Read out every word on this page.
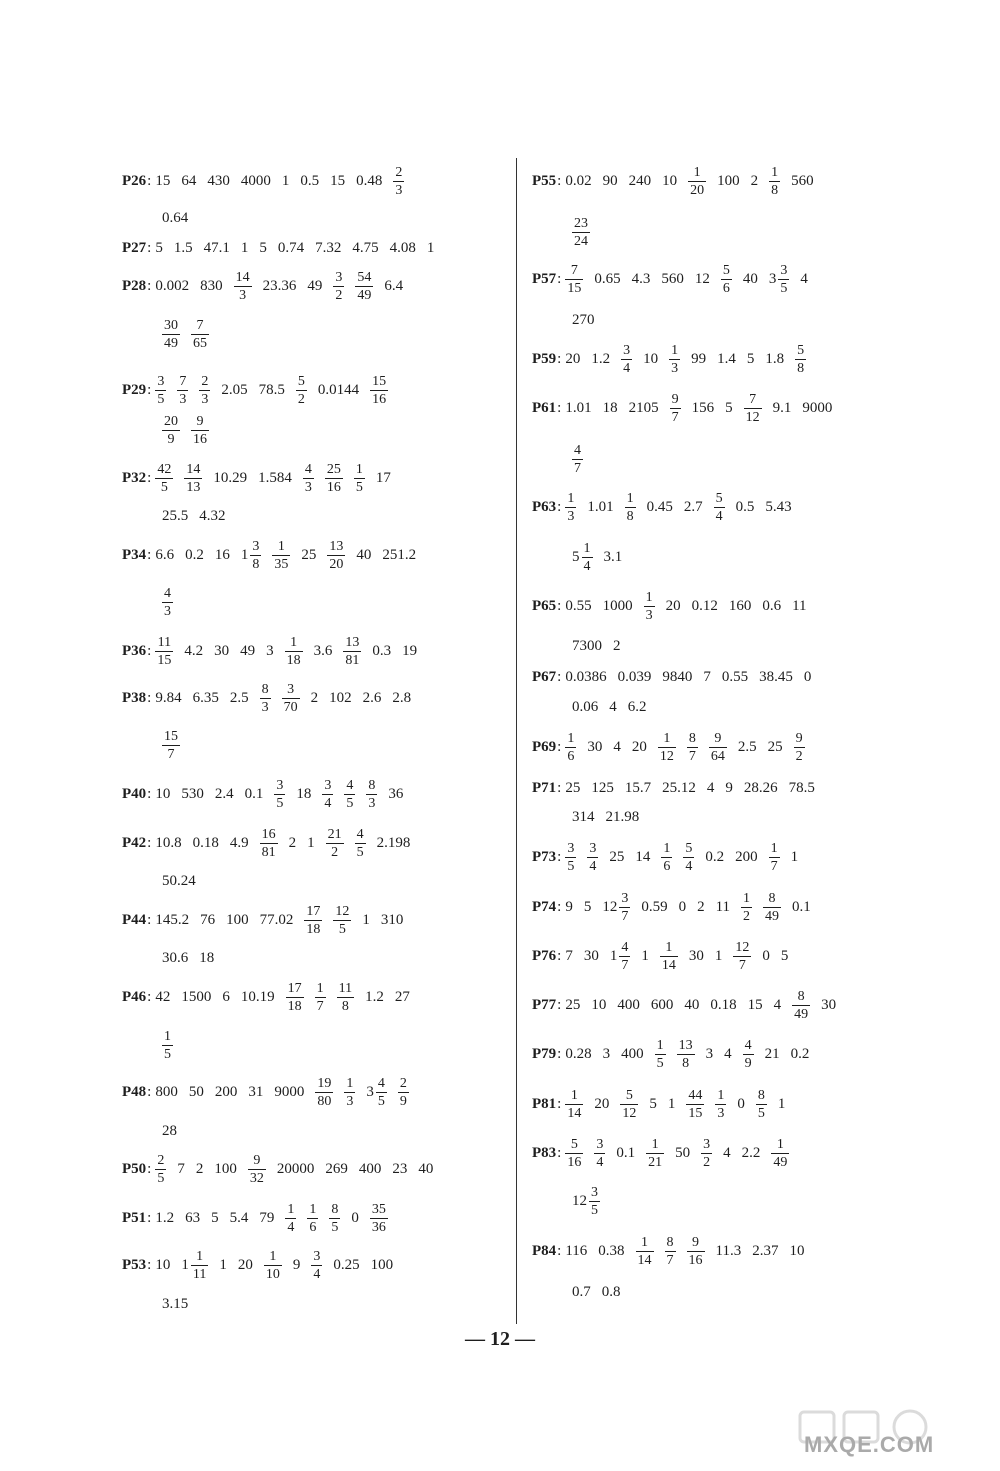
P26 : 15 64 430 4000 1 0.5 15 $0.48 \frac{2}{3}$
0.64
P27 : 5 1.5 47.1 1 5 0.74 7.32 4.75 4.08 1
P28 : 0.002 $830 \frac{14}{3} 23.36$ $49 \frac{3}{2} \frac{54}{49} 6.4$
$\frac{30}{49} \frac{7}{65}$
P29 : $\frac{3}{5} \frac{7}{3} \frac{2}{3} 2.05$ $78.5 \frac{5}{2} 0.0144 \frac{15}{16}$
$\frac{20}{9} \frac{9}{16}$
P32 : $\frac{42}{5} \frac{14}{13} 10.29$ $1.584 \frac{4}{3} \frac{25}{16} \frac{1}{5} 17$
25.5 4.32
P34 : 6.6 0.2 16 $1 \frac{3}{8} \frac{1}{35} 25 \frac{13}{20} 40$ 251.2
$\frac{4}{3}$
P36 : $\frac{11}{15} 4.2$ 30 49 $3 \frac{1}{18} 3.6 \frac{13}{81} 0.3$ 19
P38 : 9.84 6.35 $2.5 \frac{8}{3} \frac{3}{70} 2$ 102 2.6 2.8
$\frac{15}{7}$
P40 : 10 530 2.4 $0.1 \frac{3}{5} 18 \frac{3}{4} \frac{4}{5} \frac{8}{3} 36$
P42 : 10.8 0.18 $4.9 \frac{16}{81} 2$ $1 \frac{21}{2} \frac{4}{5} 2.198$
50.24
P44 : 145.2 76 100 $77.02 \frac{17}{18} \frac{12}{5} 1$ 310
30.6 18
P46 : 42 1500 6 $10.19 \frac{17}{18} \frac{1}{7} \frac{11}{8} 1.2$ 27
$\frac{1}{5}$
P48 : 800 50 200 31 $9000 \frac{19}{80} \frac{1}{3} 3 \frac{4}{5} \frac{2}{9}$
28
P50 : $\frac{2}{5} 7$ 2 $100 \frac{9}{32} 20000$ 269 400 23 40
P51 : 1.2 63 5 5.4 $79 \frac{1}{4} \frac{1}{6} \frac{8}{5} 0 \frac{35}{36}$
P53 : 10 $1 \frac{1}{11} 1$ $20 \frac{1}{10} 9 \frac{3}{4} 0.25$ 100
3.15
P55 : 0.02 90 240 $10 \frac{1}{20} 100$ $2 \frac{1}{8} 560$
$\frac{23}{24}$
P57 : $\frac{7}{15} 0.65$ 4.3 560 $12 \frac{5}{6} 40$ $3 \frac{3}{5} 4$
270
P59 : 20 $1.2 \frac{3}{4} 10 \frac{1}{3} 99$ 1.4 5 $1.8 \frac{5}{8}$
P61 : 1.01 18 $2105 \frac{9}{7} 156$ $5 \frac{7}{12} 9.1$ 9000
$\frac{4}{7}$
P63 : $\frac{1}{3} 1.01 \frac{1}{8} 0.45$ $2.7 \frac{5}{4} 0.5$ 5.43
$5 \frac{1}{4} 3.1$
P65 : 0.55 $1000 \frac{1}{3} 20$ 0.12 160 0.6 11
7300 2
P67 : 0.0386 0.039 9840 7 0.55 38.45 0
0.06 4 6.2
P69 : $\frac{1}{6} 30$ 4 $20 \frac{1}{12} \frac{8}{7} \frac{9}{64} 2.5$ $25 \frac{9}{2}$
P71 : 25 125 15.7 25.12 4 9 28.26 78.5
314 21.98
P73 : $\frac{3}{5} \frac{3}{4} 25$ $14 \frac{1}{6} \frac{5}{4} 0.2$ $200 \frac{1}{7} 1$
P74 : 9 5 $12 \frac{3}{7} 0.59$ 0 2 $11 \frac{1}{2} \frac{8}{49} 0.1$
P76 : 7 30 $1 \frac{4}{7} 1 \frac{1}{14} 30$ $1 \frac{12}{7} 0$ 5
P77 : 25 10 400 600 40 0.18 15 $4 \frac{8}{49} 30$
P79 : 0.28 3 $400 \frac{1}{5} \frac{13}{8} 3$ $4 \frac{4}{9} 21$ 0.2
P81 : $\frac{1}{14} 20 \frac{5}{12} 5$ $1 \frac{44}{15} \frac{1}{3} 0 \frac{8}{5} 1$
P83 : $\frac{5}{16} \frac{3}{4} 0.1 \frac{1}{21} 50 \frac{3}{2} 4$ $2.2 \frac{1}{49}$
$12 \frac{3}{5}$
P84 : 116 $0.38 \frac{1}{14} \frac{8}{7} \frac{9}{16} 11.3$ 2.37 10
0.7 0.8
— 12 —
MXQE.COM
